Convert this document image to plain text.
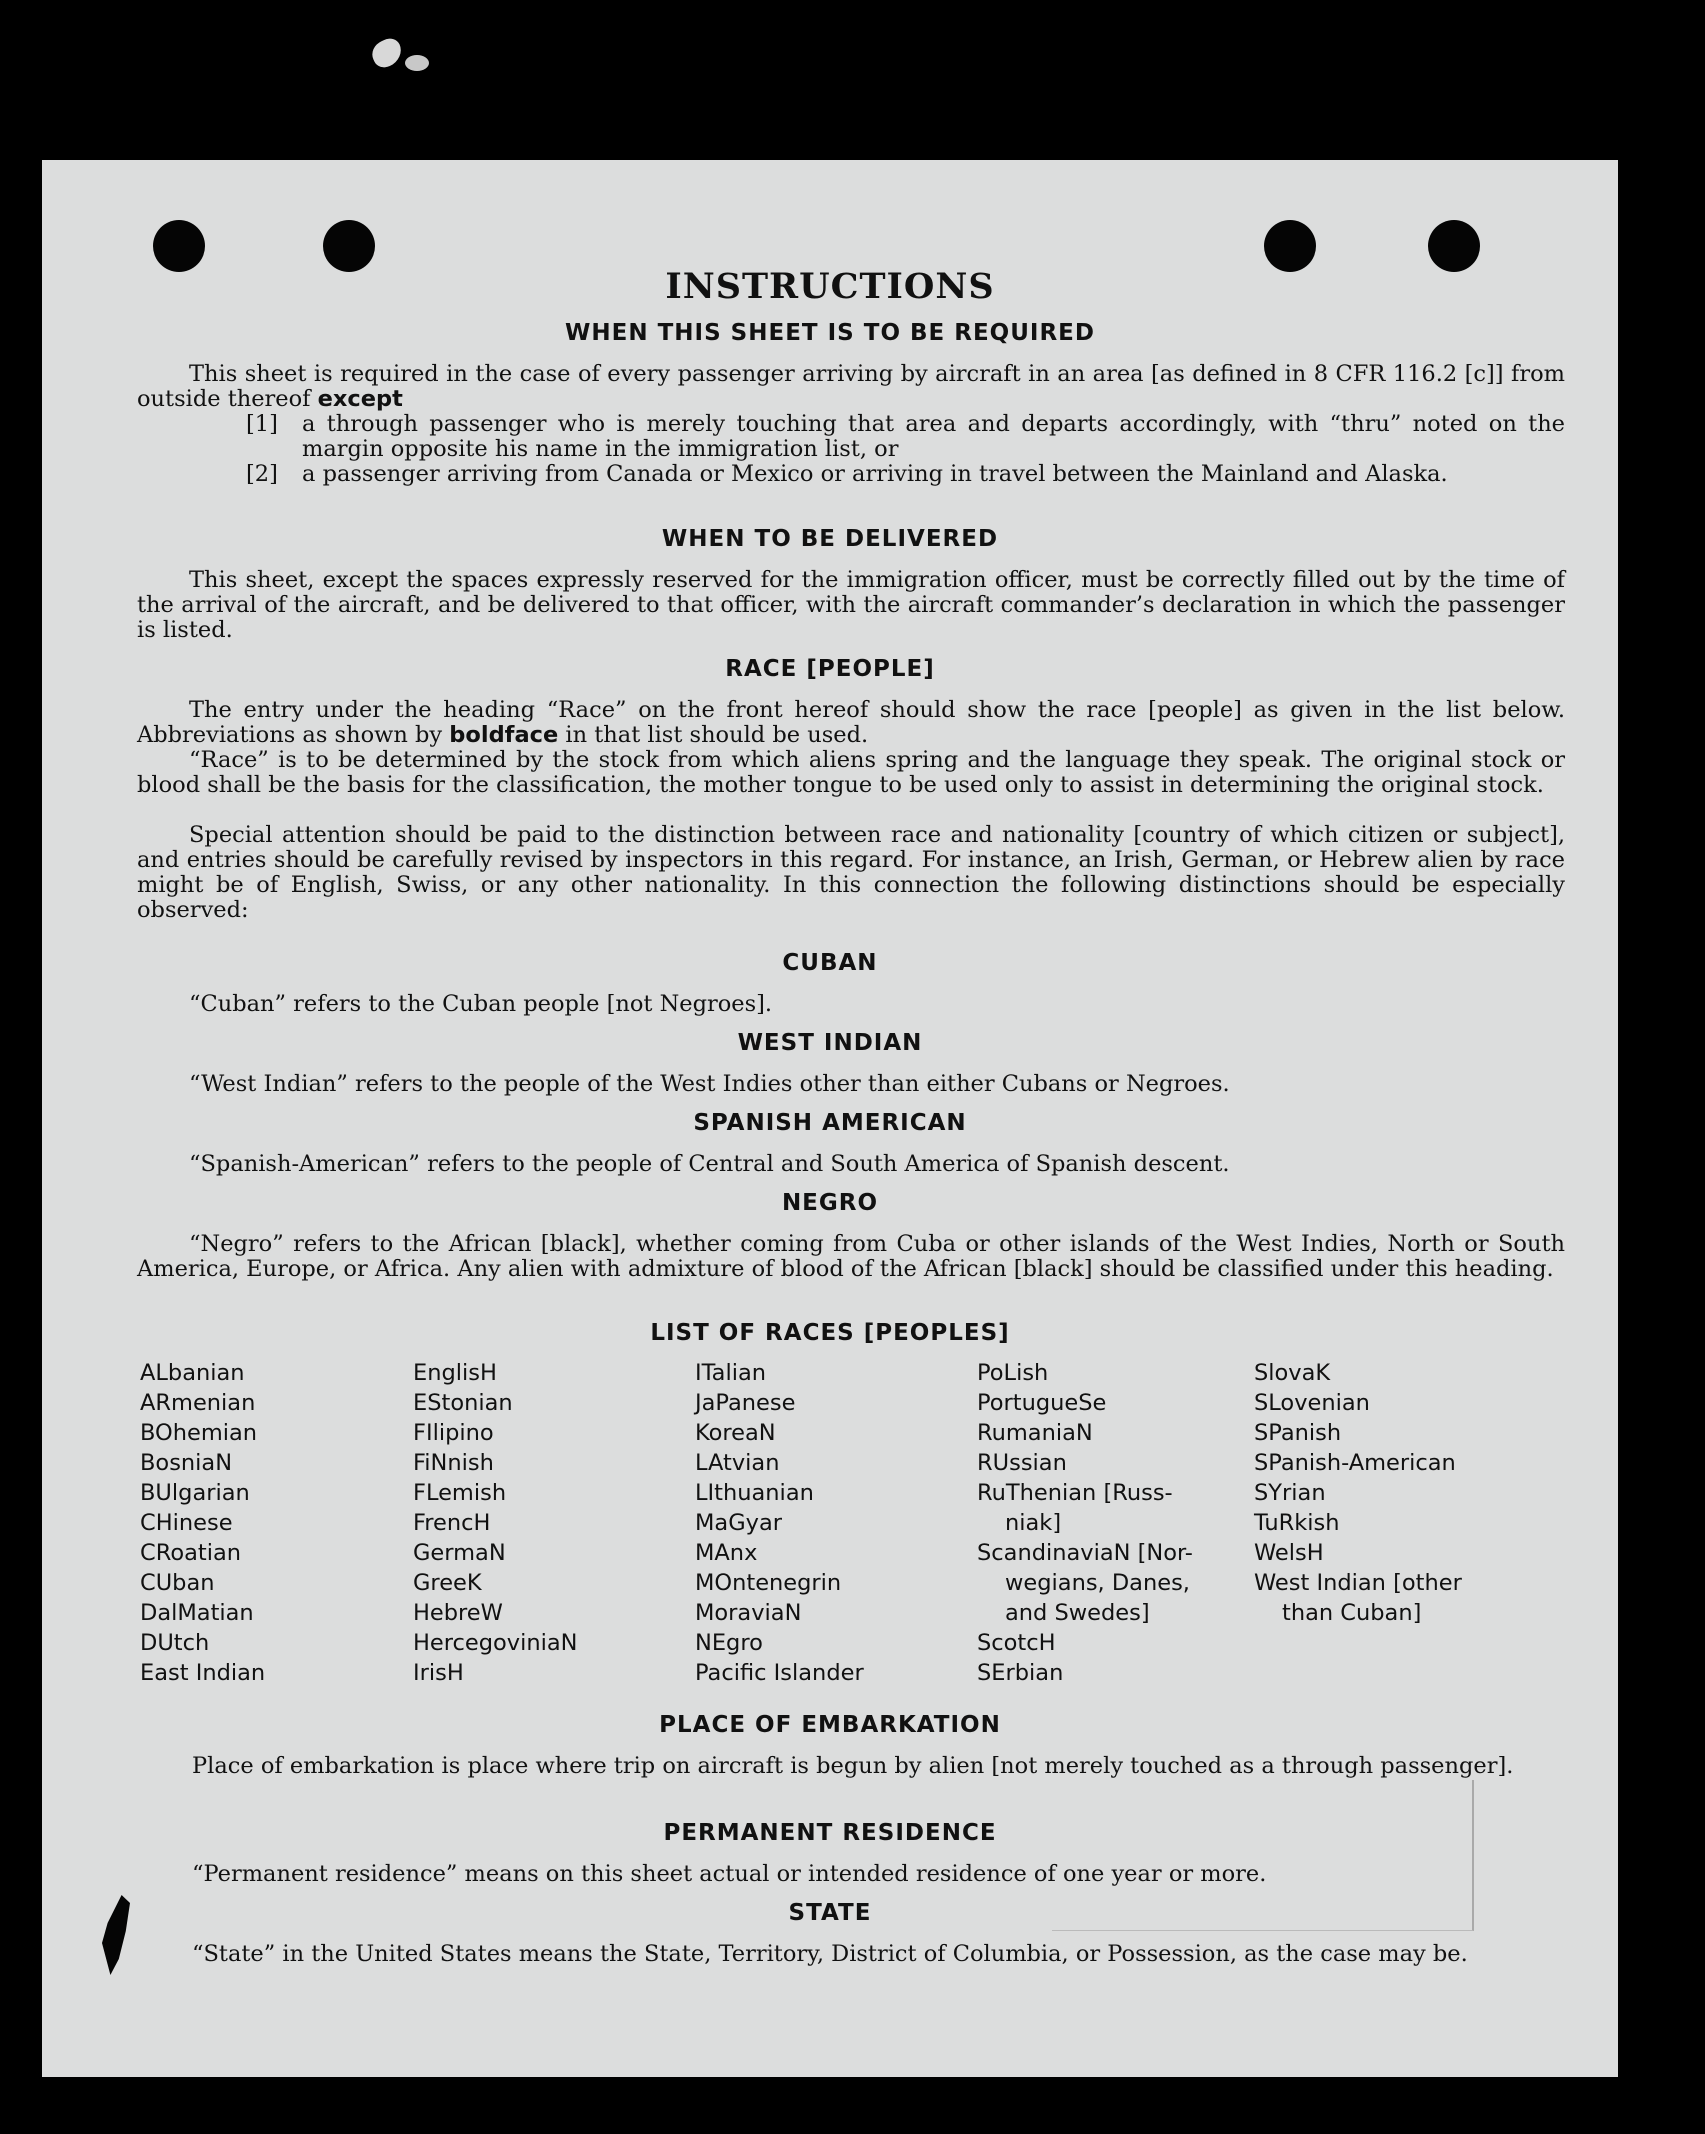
INSTRUCTIONS
WHEN THIS SHEET IS TO BE REQUIRED
This sheet is required in the case of every passenger arriving by aircraft in an area [as defined in 8 CFR 116.2 [c]] from outside thereof except
[1] a through passenger who is merely touching that area and departs accordingly, with “thru” noted on the margin opposite his name in the immigration list, or
[2] a passenger arriving from Canada or Mexico or arriving in travel between the Mainland and Alaska.
WHEN TO BE DELIVERED
This sheet, except the spaces expressly reserved for the immigration officer, must be correctly filled out by the time of the arrival of the aircraft, and be delivered to that officer, with the aircraft commander’s declaration in which the passenger is listed.
RACE [PEOPLE]
The entry under the heading “Race” on the front hereof should show the race [people] as given in the list below. Abbreviations as shown by boldface in that list should be used.
“Race” is to be determined by the stock from which aliens spring and the language they speak. The original stock or blood shall be the basis for the classification, the mother tongue to be used only to assist in determining the original stock.
Special attention should be paid to the distinction between race and nationality [country of which citizen or subject], and entries should be carefully revised by inspectors in this regard. For instance, an Irish, German, or Hebrew alien by race might be of English, Swiss, or any other nationality. In this connection the following distinctions should be especially observed:
CUBAN
“Cuban” refers to the Cuban people [not Negroes].
WEST INDIAN
“West Indian” refers to the people of the West Indies other than either Cubans or Negroes.
SPANISH AMERICAN
“Spanish-American” refers to the people of Central and South America of Spanish descent.
NEGRO
“Negro” refers to the African [black], whether coming from Cuba or other islands of the West Indies, North or South America, Europe, or Africa. Any alien with admixture of blood of the African [black] should be classified under this heading.
LIST OF RACES [PEOPLES]
ALbanian
ARmenian
BOhemian
BosniaN
BUlgarian
CHinese
CRoatian
CUban
DalMatian
DUtch
East Indian
EnglisH
EStonian
FIlipino
FiNnish
FLemish
FrencH
GermaN
GreeK
HebreW
HercegoviniaN
IrisH
ITalian
JaPanese
KoreaN
LAtvian
LIthuanian
MaGyar
MAnx
MOntenegrin
MoraviaN
NEgro
Pacific Islander
PoLish
PortugueSe
RumaniaN
RUssian
RuThenian [Russ-
niak]
ScandinaviaN [Nor-
wegians, Danes,
and Swedes]
ScotcH
SErbian
SlovaK
SLovenian
SPanish
SPanish-American
SYrian
TuRkish
WelsH
West Indian [other
than Cuban]
PLACE OF EMBARKATION
Place of embarkation is place where trip on aircraft is begun by alien [not merely touched as a through passenger].
PERMANENT RESIDENCE
“Permanent residence” means on this sheet actual or intended residence of one year or more.
STATE
“State” in the United States means the State, Territory, District of Columbia, or Possession, as the case may be.
